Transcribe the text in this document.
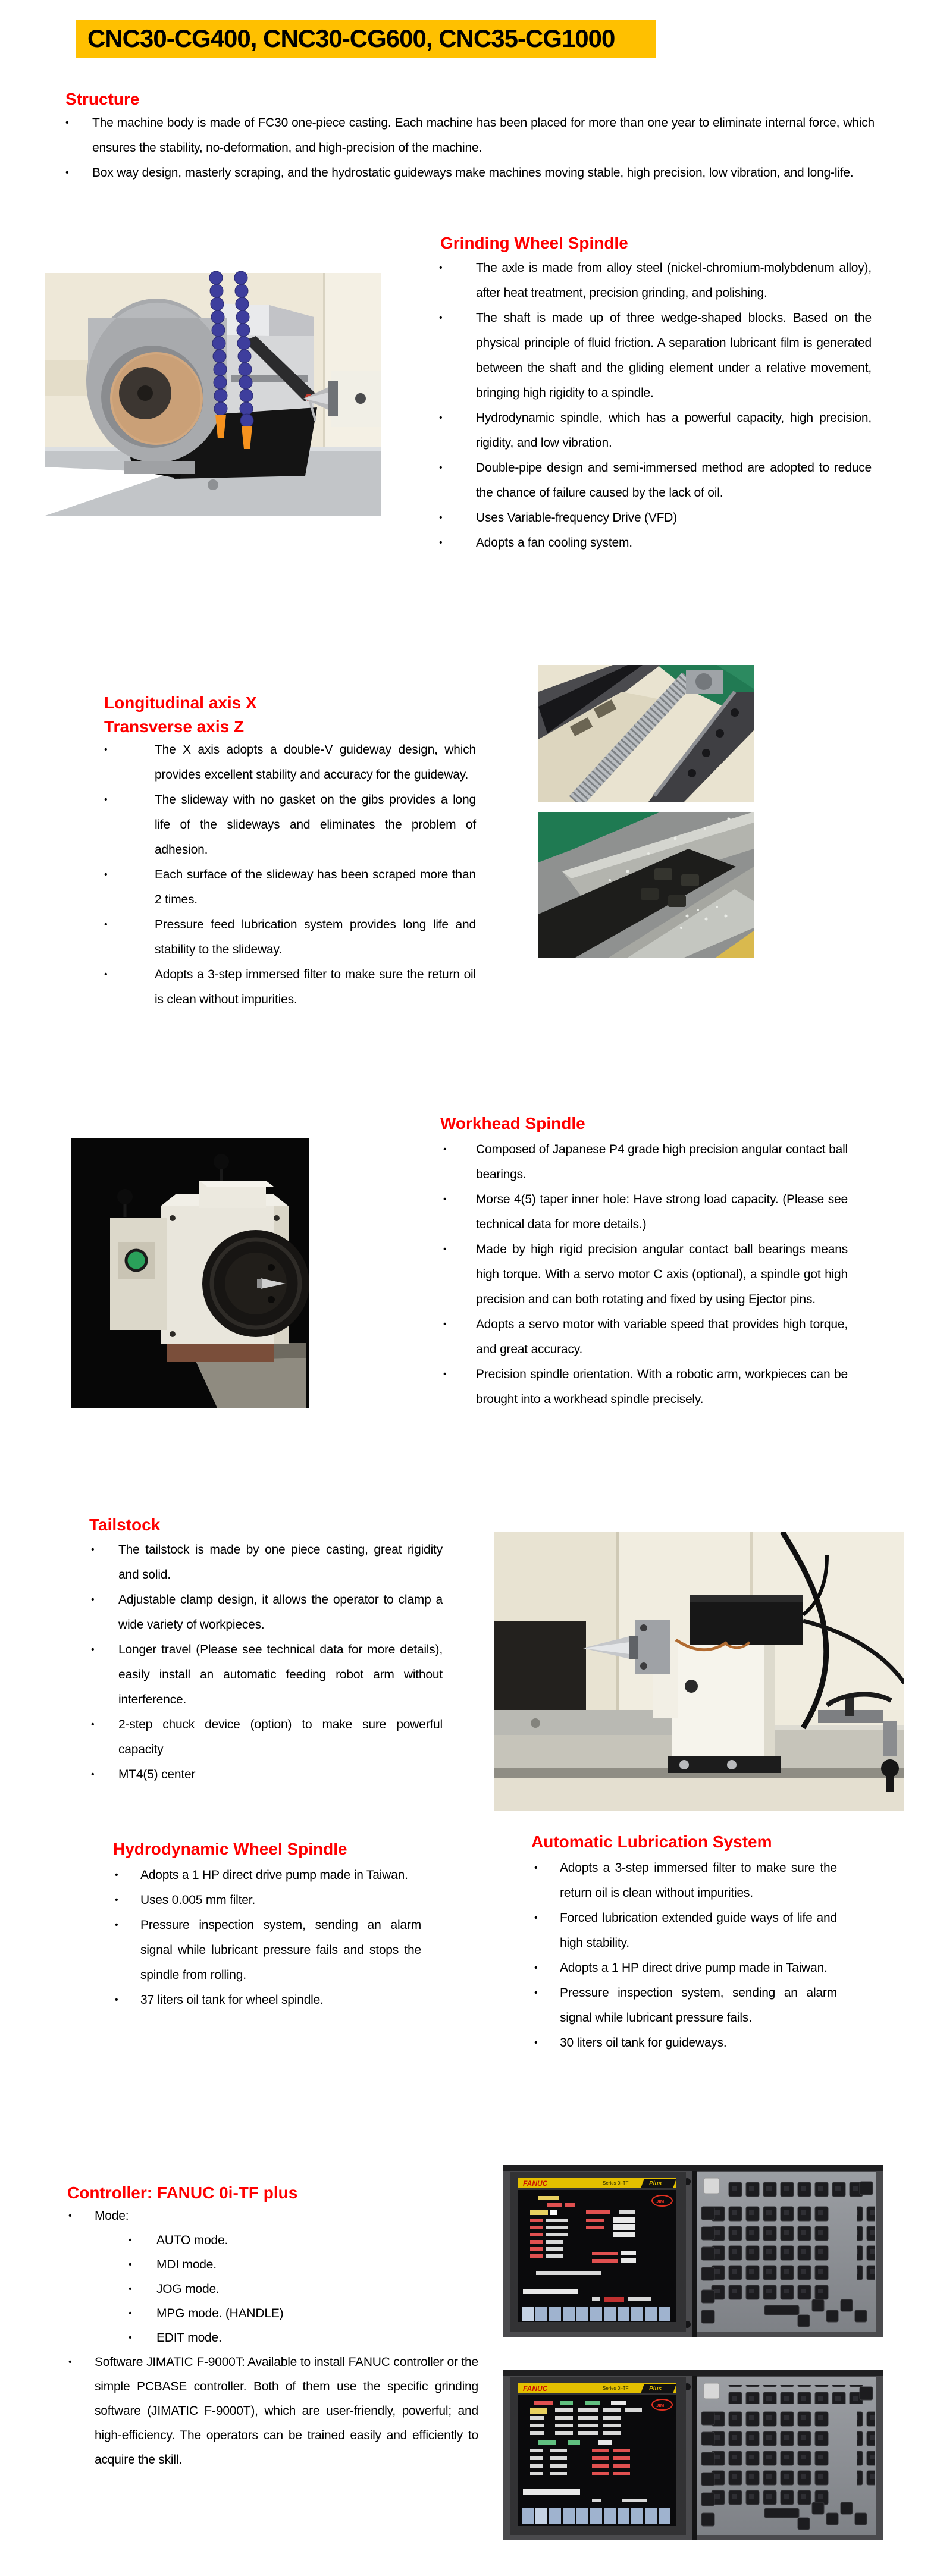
CNC30-CG400, CNC30-CG600, CNC35-CG1000
Structure
• The machine body is made of FC30 one-piece casting. Each machine has been placed for more than one year to eliminate internal force, which ensures the stability, no-deformation, and high-precision of the machine.
• Box way design, masterly scraping, and the hydrostatic guideways make machines moving stable, high precision, low vibration, and long-life.
Grinding Wheel Spindle
• The axle is made from alloy steel (nickel-chromium-molybdenum alloy), after heat treatment, precision grinding, and polishing.
• The shaft is made up of three wedge-shaped blocks. Based on the physical principle of fluid friction. A separation lubricant film is generated between the shaft and the gliding element under a relative movement, bringing high rigidity to a spindle.
• Hydrodynamic spindle, which has a powerful capacity, high precision, rigidity, and low vibration.
• Double-pipe design and semi-immersed method are adopted to reduce the chance of failure caused by the lack of oil.
• Uses Variable-frequency Drive (VFD)
• Adopts a fan cooling system.
Longitudinal axis X
Transverse axis Z
• The X axis adopts a double-V guideway design, which provides excellent stability and accuracy for the guideway.
• The slideway with no gasket on the gibs provides a long life of the slideways and eliminates the problem of adhesion.
• Each surface of the slideway has been scraped more than 2 times.
• Pressure feed lubrication system provides long life and stability to the slideway.
• Adopts a 3-step immersed filter to make sure the return oil is clean without impurities.
Workhead Spindle
• Composed of Japanese P4 grade high precision angular contact ball bearings.
• Morse 4(5) taper inner hole: Have strong load capacity. (Please see technical data for more details.)
• Made by high rigid precision angular contact ball bearings means high torque. With a servo motor C axis (optional), a spindle got high precision and can both rotating and fixed by using Ejector pins.
• Adopts a servo motor with variable speed that provides high torque, and great accuracy.
• Precision spindle orientation. With a robotic arm, workpieces can be brought into a workhead spindle precisely.
Tailstock
• The tailstock is made by one piece casting, great rigidity and solid.
• Adjustable clamp design, it allows the operator to clamp a wide variety of workpieces.
• Longer travel (Please see technical data for more details), easily install an automatic feeding robot arm without interference.
• 2-step chuck device (option) to make sure powerful capacity
• MT4(5) center
Hydrodynamic Wheel Spindle
• Adopts a 1 HP direct drive pump made in Taiwan.
• Uses 0.005 mm filter.
• Pressure inspection system, sending an alarm signal while lubricant pressure fails and stops the spindle from rolling.
• 37 liters oil tank for wheel spindle.
Automatic Lubrication System
• Adopts a 3-step immersed filter to make sure the return oil is clean without impurities.
• Forced lubrication extended guide ways of life and high stability.
• Adopts a 1 HP direct drive pump made in Taiwan.
• Pressure inspection system, sending an alarm signal while lubricant pressure fails.
• 30 liters oil tank for guideways.
Controller: FANUC 0i-TF plus
• Mode:
• AUTO mode.
• MDI mode.
• JOG mode.
• MPG mode. (HANDLE)
• EDIT mode.
• Software JIMATIC F-9000T: Available to install FANUC controller or the simple PCBASE controller. Both of them use the specific grinding software (JIMATIC F-9000T), which are user-friendly, powerful; and high-efficiency. The operators can be trained easily and efficiently to acquire the skill.
FANUC	Series 0i-TF	Plus
JIM
FANUC	Series 0i-TF	Plus
JIM
